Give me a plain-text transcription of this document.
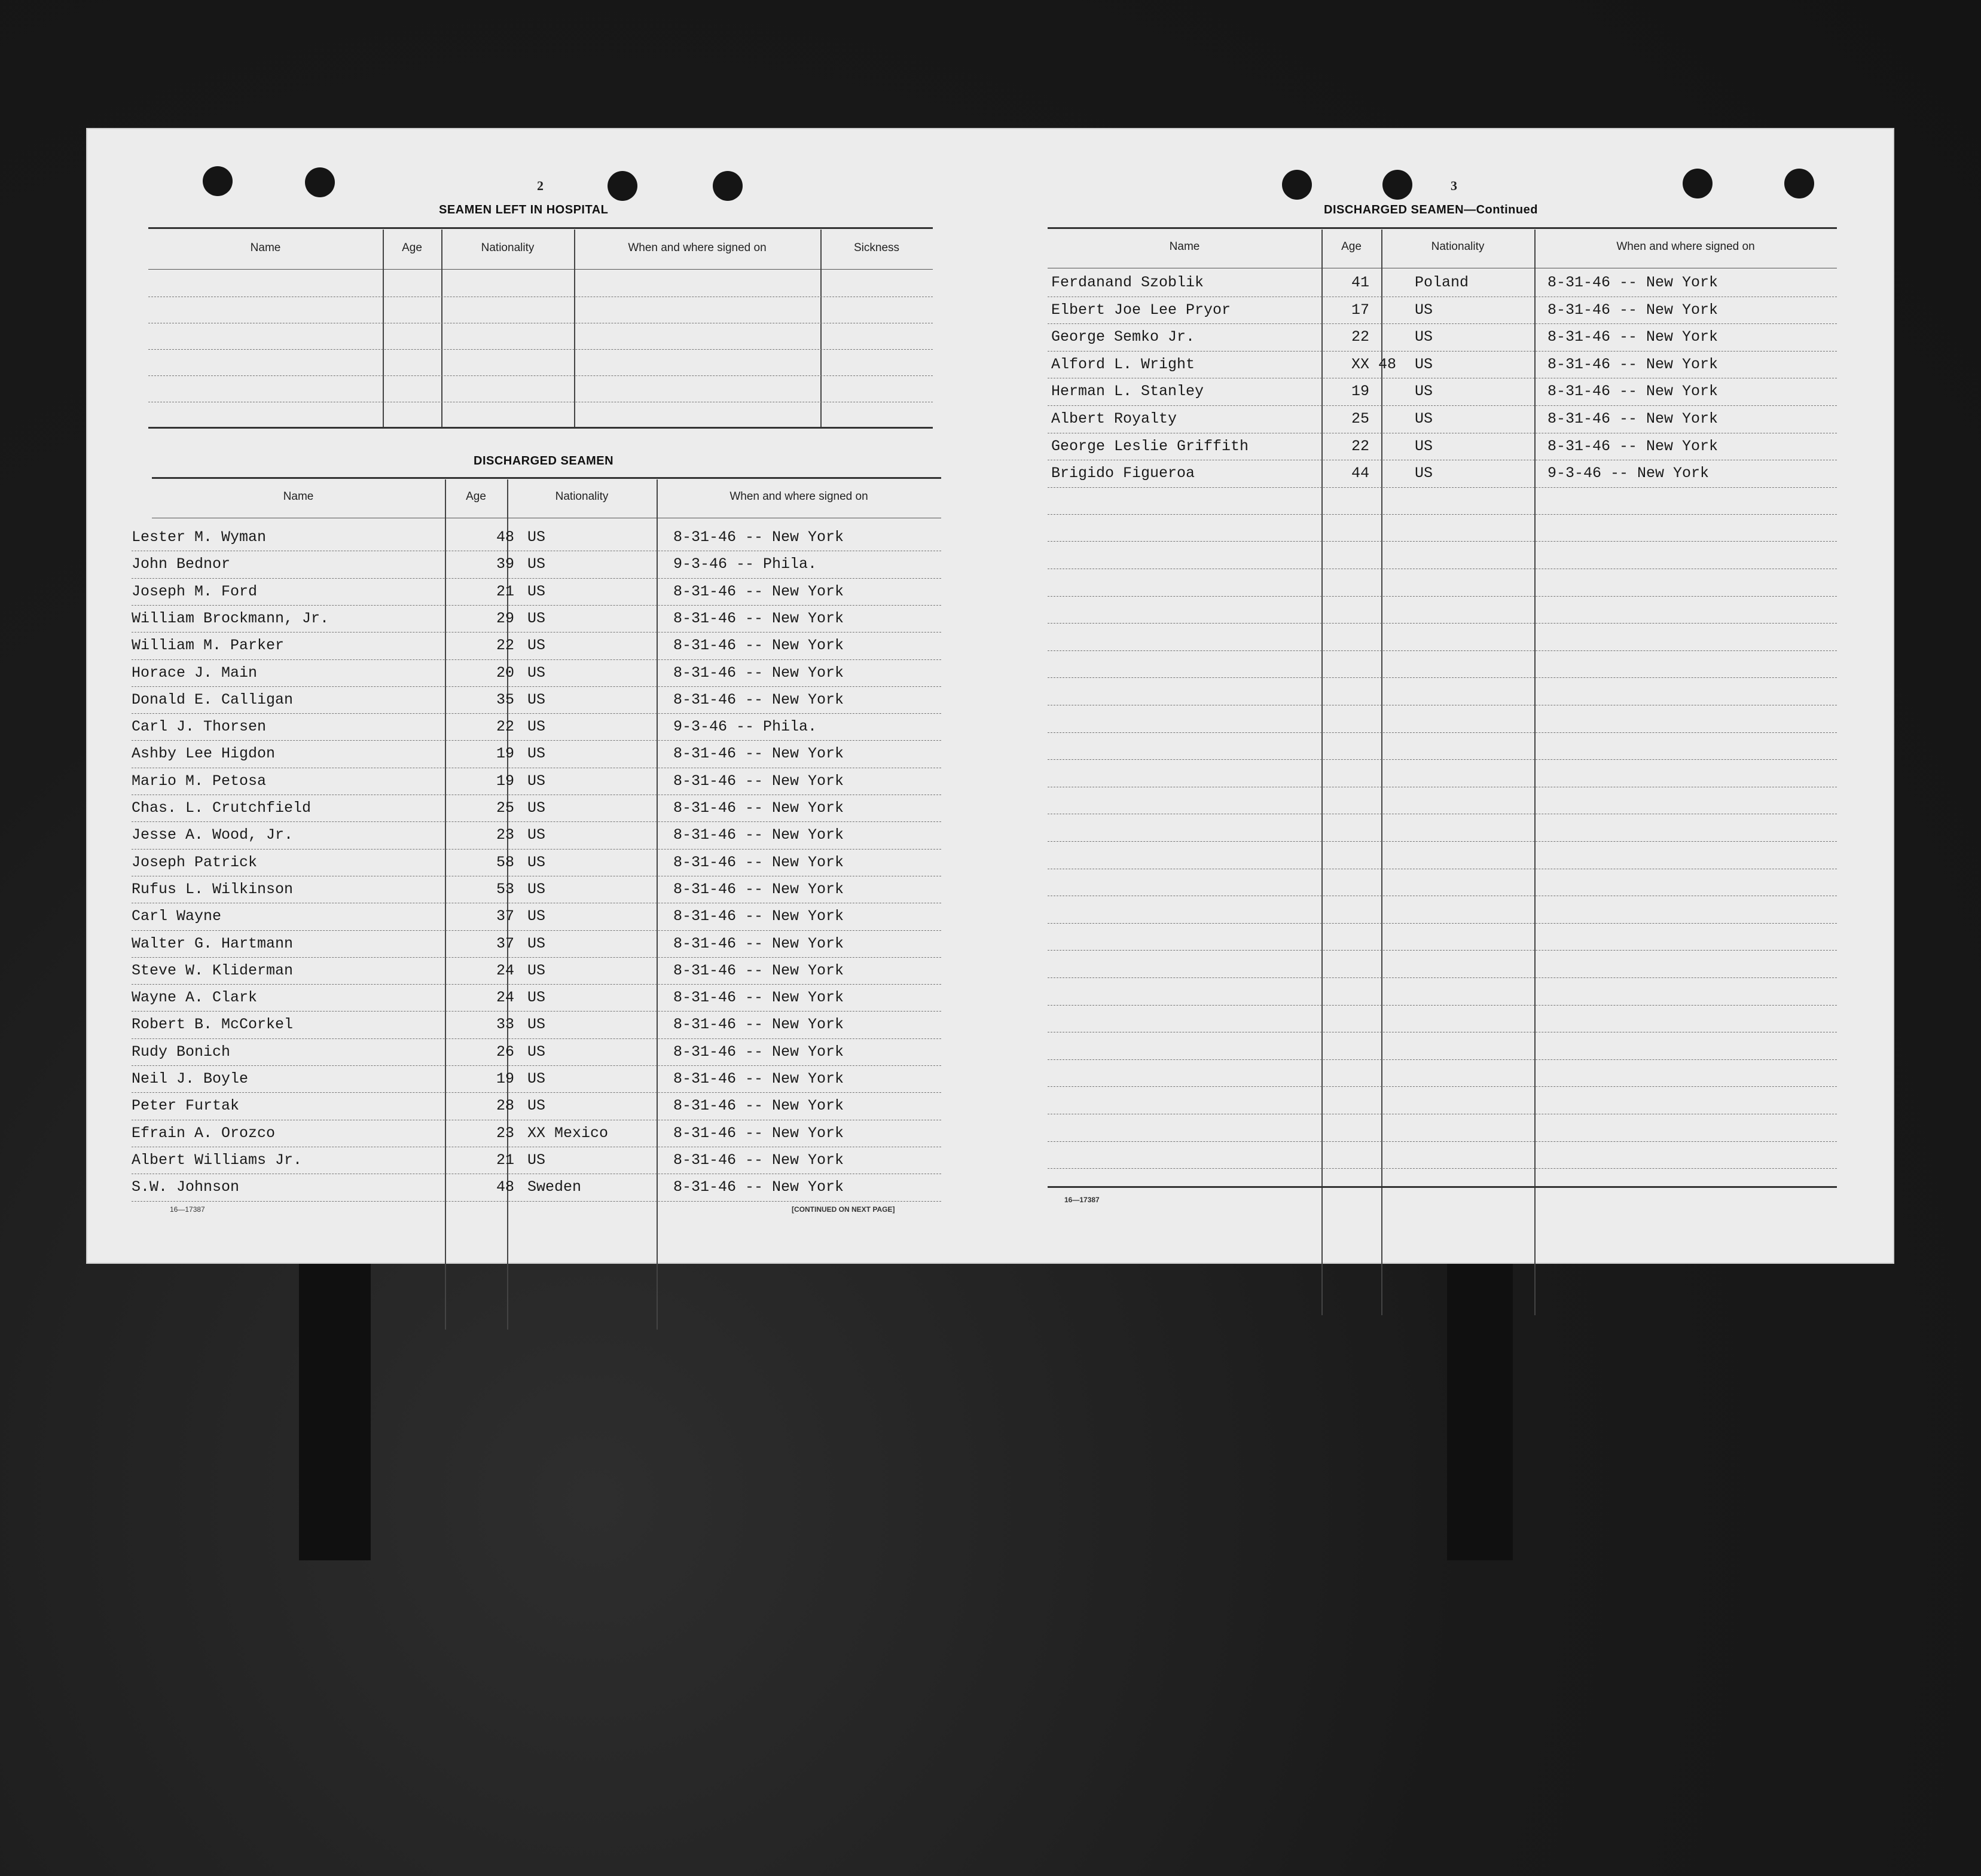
2
SEAMEN LEFT IN HOSPITAL
Name	Age	Nationality	When and where signed on	Sickness
DISCHARGED SEAMEN
Name	Age	Nationality	When and where signed on
Lester M. Wyman	48 US	8-31-46 -- New York
John Bednor	39 US	9-3-46 -- Phila.
Joseph M. Ford	21 US	8-31-46 -- New York
William Brockmann, Jr.	29 US	8-31-46 -- New York
William M. Parker	22 US	8-31-46 -- New York
Horace J. Main	20 US	8-31-46 -- New York
Donald E. Calligan	35 US	8-31-46 -- New York
Carl J. Thorsen	22 US	9-3-46 -- Phila.
Ashby Lee Higdon	19 US	8-31-46 -- New York
Mario M. Petosa	19 US	8-31-46 -- New York
Chas. L. Crutchfield	25 US	8-31-46 -- New York
Jesse A. Wood, Jr.	23 US	8-31-46 -- New York
Joseph Patrick	58 US	8-31-46 -- New York
Rufus L. Wilkinson	53 US	8-31-46 -- New York
Carl Wayne	37 US	8-31-46 -- New York
Walter G. Hartmann	37 US	8-31-46 -- New York
Steve W. Kliderman	24 US	8-31-46 -- New York
Wayne A. Clark	24 US	8-31-46 -- New York
Robert B. McCorkel	33 US	8-31-46 -- New York
Rudy Bonich	26 US	8-31-46 -- New York
Neil J. Boyle	19 US	8-31-46 -- New York
Peter Furtak	28 US	8-31-46 -- New York
Efrain A. Orozco	23 XX Mexico	8-31-46 -- New York
Albert Williams Jr.	21 US	8-31-46 -- New York
S.W. Johnson	48 Sweden	8-31-46 -- New York
16—17387	[CONTINUED ON NEXT PAGE]
3
DISCHARGED SEAMEN—Continued
Name	Age	Nationality	When and where signed on
Ferdanand Szoblik	41	Poland	8-31-46 -- New York
Elbert Joe Lee Pryor	17	US	8-31-46 -- New York
George Semko Jr.	22	US	8-31-46 -- New York
Alford L. Wright	XX 48 US	8-31-46 -- New York
Herman L. Stanley	19	US	8-31-46 -- New York
Albert Royalty	25	US	8-31-46 -- New York
George Leslie Griffith	22	US	8-31-46 -- New York
Brigido Figueroa	44	US	9-3-46 -- New York
16—17387
